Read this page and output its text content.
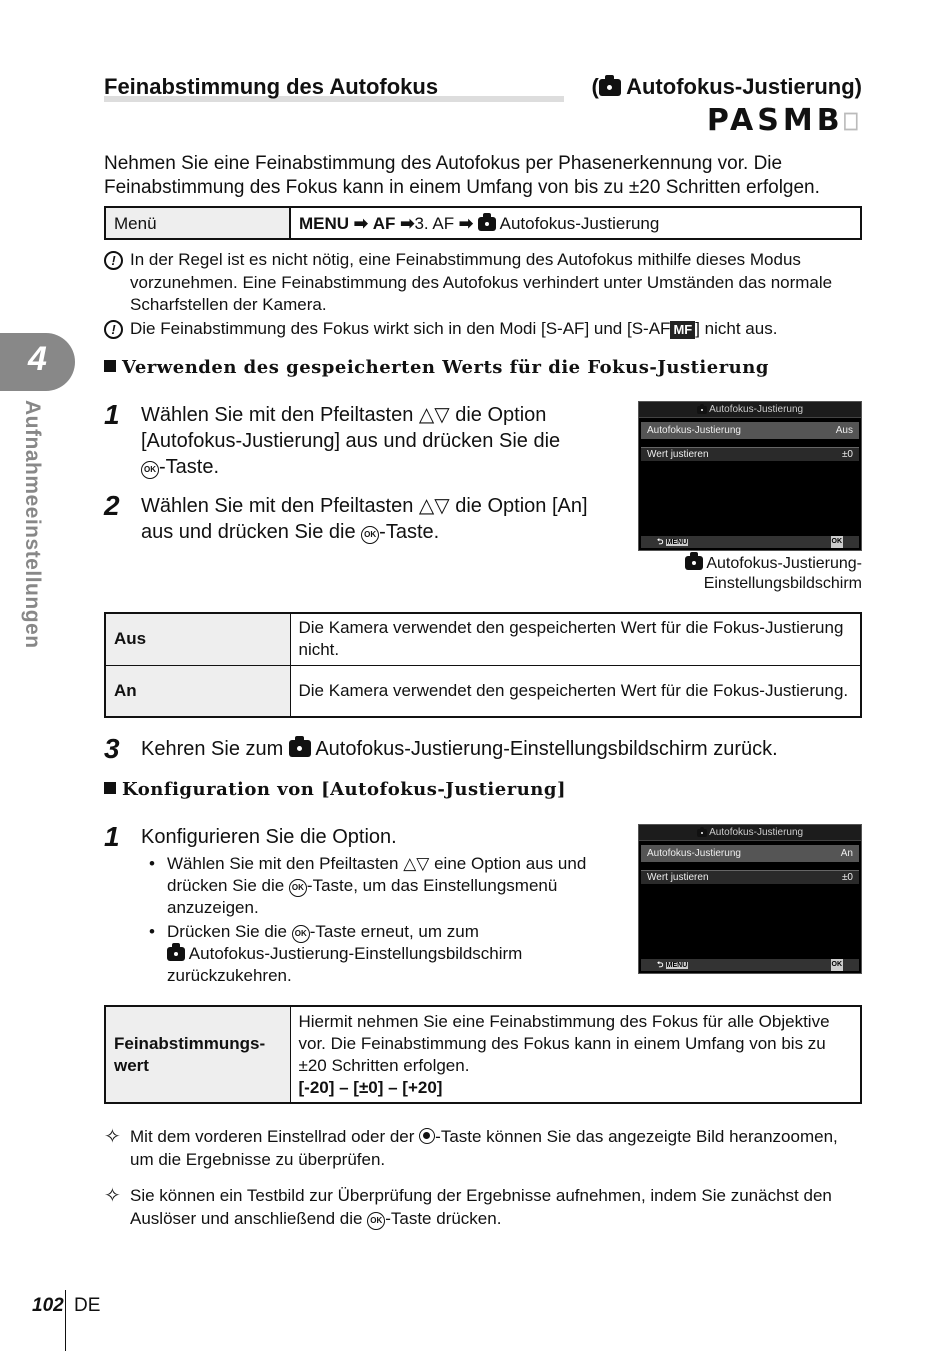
4
Aufnahmeeinstellungen
Feinabstimmung des Autofokus	( Autofokus-Justierung)
PASMB⎕
Nehmen Sie eine Feinabstimmung des Autofokus per Phasenerkennung vor. Die Feinabstimmung des Fokus kann in einem Umfang von bis zu ±20 Schritten erfolgen.
Menü	MENU ➡ AF ➡3. AF ➡ Autofokus-Justierung
! In der Regel ist es nicht nötig, eine Feinabstimmung des Autofokus mithilfe dieses Modus vorzunehmen. Eine Feinabstimmung des Autofokus verhindert unter Umständen das normale Scharfstellen der Kamera.
! Die Feinabstimmung des Fokus wirkt sich in den Modi [S-AF] und [S-AF MF ] nicht aus.
Verwenden des gespeicherten Werts für die Fokus-Justierung
1 Wählen Sie mit den Pfeiltasten △▽ die Option [Autofokus-Justierung] aus und drücken Sie die
OK -Taste.
2 Wählen Sie mit den Pfeiltasten △▽ die Option [An] aus und drücken Sie die OK -Taste.
Autofokus-Justierung
Autofokus-Justierung	Aus
Wert justieren	±0
⮌ MENU	OK
Autofokus-Justierung-
Einstellungsbildschirm
Aus	Die Kamera verwendet den gespeicherten Wert für die Fokus-Justierung nicht.
An	Die Kamera verwendet den gespeicherten Wert für die Fokus-Justierung.
3 Kehren Sie zum Autofokus-Justierung-Einstellungsbildschirm zurück.
Konfiguration von [Autofokus-Justierung]
1 Konfigurieren Sie die Option.
• Wählen Sie mit den Pfeiltasten △▽ eine Option aus und drücken Sie die OK -Taste, um das Einstellungsmenü anzuzeigen.
• Drücken Sie die OK -Taste erneut, um zum
Autofokus-Justierung-Einstellungsbildschirm zurückzukehren.
Autofokus-Justierung
Autofokus-Justierung	An
Wert justieren	±0
⮌ MENU	OK
Feinabstimmungs-
wert	Hiermit nehmen Sie eine Feinabstimmung des Fokus für alle Objektive vor. Die Feinabstimmung des Fokus kann in einem Umfang von bis zu ±20 Schritten erfolgen.
[-20] – [±0] – [+20]
✧ Mit dem vorderen Einstellrad oder der -Taste können Sie das angezeigte Bild heranzoomen, um die Ergebnisse zu überprüfen.
✧ Sie können ein Testbild zur Überprüfung der Ergebnisse aufnehmen, indem Sie zunächst den Auslöser und anschließend die OK -Taste drücken.
102 DE
